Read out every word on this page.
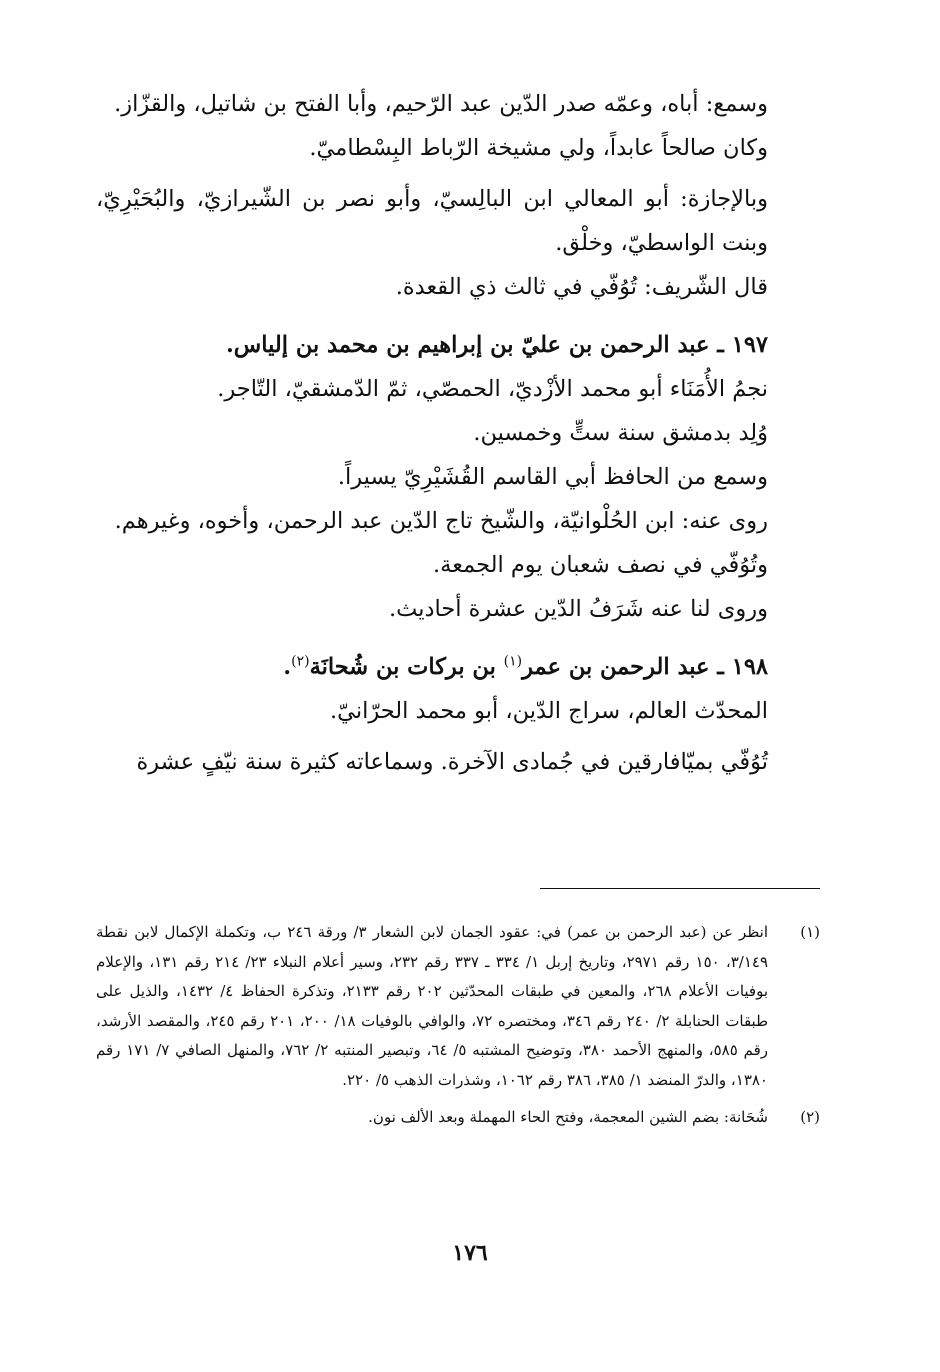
وسمع: أباه، وعمّه صدر الدّين عبد الرّحيم، وأبا الفتح بن شاتيل، والقزّاز.

وكان صالحاً عابداً، ولي مشيخة الرّباط البِسْطاميّ.

وبالإجازة: أبو المعالي ابن البالِسيّ، وأبو نصر بن الشّيرازيّ، والبُحَيْرِيّ، وبنت الواسطيّ، وخلْق.

قال الشّريف: تُوُفّي في ثالث ذي القعدة.

١٩٧ ـ عبد الرحمن بن عليّ بن إبراهيم بن محمد بن إلياس.

نجمُ الأُمَنَاء أبو محمد الأزْديّ، الحمصّي، ثمّ الدّمشقيّ، التّاجر.

وُلِد بدمشق سنة ستٍّ وخمسين.

وسمع من الحافظ أبي القاسم القُشَيْرِيّ يسيراً.

روى عنه: ابن الحُلْوانيّة، والشّيخ تاج الدّين عبد الرحمن، وأخوه، وغيرهم.

وتُوُفّي في نصف شعبان يوم الجمعة.

وروى لنا عنه شَرَفُ الدّين عشرة أحاديث.

١٩٨ ـ عبد الرحمن بن عمر$^{(١)}$ بن بركات بن شُحانَة$^{(٢)}$.

المحدّث العالم، سراج الدّين، أبو محمد الحرّانيّ.

تُوُفّي بميّافارقين في جُمادى الآخرة. وسماعاته كثيرة سنة نيّفٍ عشرة

(١)
انظر عن (عبد الرحمن بن عمر) في: عقود الجمان لابن الشعار ٣/ ورقة ٢٤٦ ب، وتكملة الإكمال لابن نقطة ٣/١٤٩، ١٥٠ رقم ٢٩٧١، وتاريخ إربل ١/ ٣٣٤ ـ ٣٣٧ رقم ٢٣٢، وسير أعلام النبلاء ٢٣/ ٢١٤ رقم ١٣١، والإعلام بوفيات الأعلام ٢٦٨، والمعين في طبقات المحدّثين ٢٠٢ رقم ٢١٣٣، وتذكرة الحفاظ ٤/ ١٤٣٢، والذيل على طبقات الحنابلة ٢/ ٢٤٠ رقم ٣٤٦، ومختصره ٧٢، والوافي بالوفيات ١٨/ ٢٠٠، ٢٠١ رقم ٢٤٥، والمقصد الأرشد، رقم ٥٨٥، والمنهج الأحمد ٣٨٠، وتوضيح المشتبه ٥/ ٦٤، وتبصير المنتبه ٢/ ٧٦٢، والمنهل الصافي ٧/ ١٧١ رقم ١٣٨٠، والدرّ المنضد ١/ ٣٨٥، ٣٨٦ رقم ١٠٦٢، وشذرات الذهب ٥/ ٢٢٠.
(٢)
شُحَانة: بضم الشين المعجمة، وفتح الحاء المهملة وبعد الألف نون.
١٧٦
